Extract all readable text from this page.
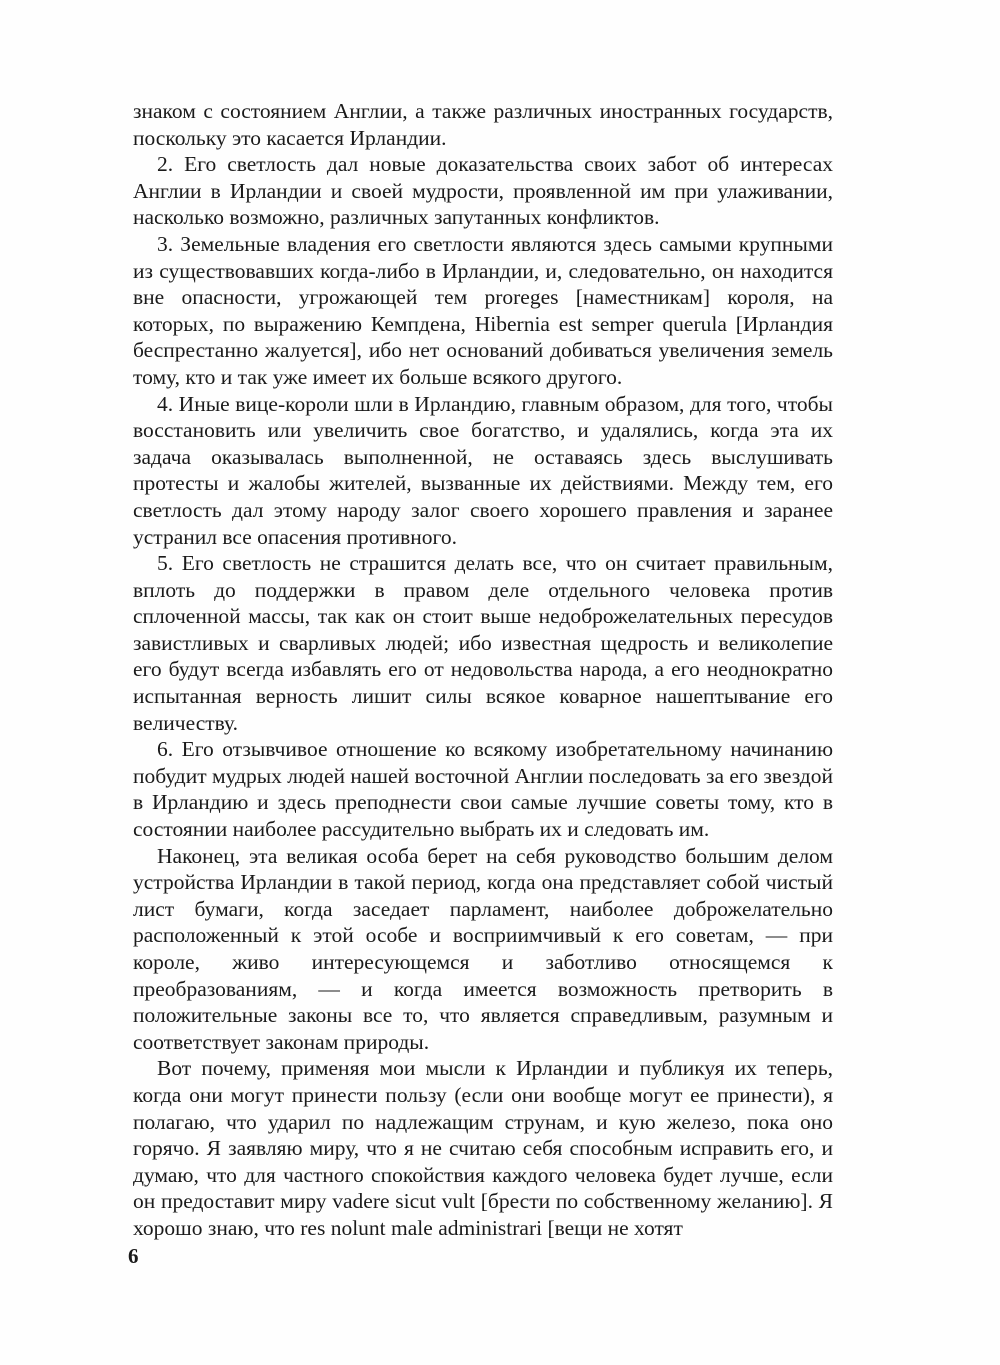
знаком с состоянием Англии, а также различных иностранных государств, поскольку это касается Ирландии.

2. Его светлость дал новые доказательства своих забот об интересах Англии в Ирландии и своей мудрости, проявленной им при улаживании, насколько возможно, различных запутанных конфликтов.

3. Земельные владения его светлости являются здесь самыми крупными из существовавших когда-либо в Ирландии, и, следовательно, он находится вне опасности, угрожающей тем proreges [наместникам] короля, на которых, по выражению Кемпдена, Hibernia est semper querula [Ирландия беспрестанно жалуется], ибо нет оснований добиваться увеличения земель тому, кто и так уже имеет их больше всякого другого.

4. Иные вице-короли шли в Ирландию, главным образом, для того, чтобы восстановить или увеличить свое богатство, и удалялись, когда эта их задача оказывалась выполненной, не оставаясь здесь выслушивать протесты и жалобы жителей, вызванные их действиями. Между тем, его светлость дал этому народу залог своего хорошего правления и заранее устранил все опасения противного.

5. Его светлость не страшится делать все, что он считает правильным, вплоть до поддержки в правом деле отдельного человека против сплоченной массы, так как он стоит выше недоброжелательных пересудов завистливых и сварливых людей; ибо известная щедрость и великолепие его будут всегда избавлять его от недовольства народа, а его неоднократно испытанная верность лишит силы всякое коварное нашептывание его величеству.

6. Его отзывчивое отношение ко всякому изобретательному начинанию побудит мудрых людей нашей восточной Англии последовать за его звездой в Ирландию и здесь преподнести свои самые лучшие советы тому, кто в состоянии наиболее рассудительно выбрать их и следовать им.

Наконец, эта великая особа берет на себя руководство большим делом устройства Ирландии в такой период, когда она представляет собой чистый лист бумаги, когда заседает парламент, наиболее доброжелательно расположенный к этой особе и восприимчивый к его советам, — при короле, живо интересующемся и заботливо относящемся к преобразованиям, — и когда имеется возможность претворить в положительные законы все то, что является справедливым, разумным и соответствует законам природы.

Вот почему, применяя мои мысли к Ирландии и публикуя их теперь, когда они могут принести пользу (если они вообще могут ее принести), я полагаю, что ударил по надлежащим струнам, и кую железо, пока оно горячо. Я заявляю миру, что я не считаю себя способным исправить его, и думаю, что для частного спокойствия каждого человека будет лучше, если он предоставит миру vadere sicut vult [брести по собственному желанию]. Я хорошо знаю, что res nolunt male administrari [вещи не хотят

6
